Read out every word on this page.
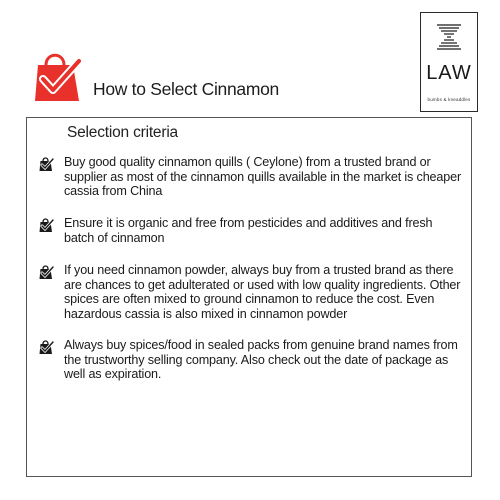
How to Select Cinnamon
LAW
bumbs & kneaddles
Selection criteria
Buy good quality cinnamon quills ( Ceylone) from a trusted brand or supplier as most of the cinnamon quills available in the market is cheaper cassia from China
Ensure it is organic and free from pesticides and additives and fresh batch of cinnamon
If you need cinnamon powder, always buy from a trusted brand as there are chances to get adulterated or used with low quality ingredients. Other spices are often mixed to ground cinnamon to reduce the cost. Even hazardous cassia is also mixed in cinnamon powder
Always buy spices/food in sealed packs from genuine brand names from the trustworthy selling company. Also check out the date of package as well as expiration.
